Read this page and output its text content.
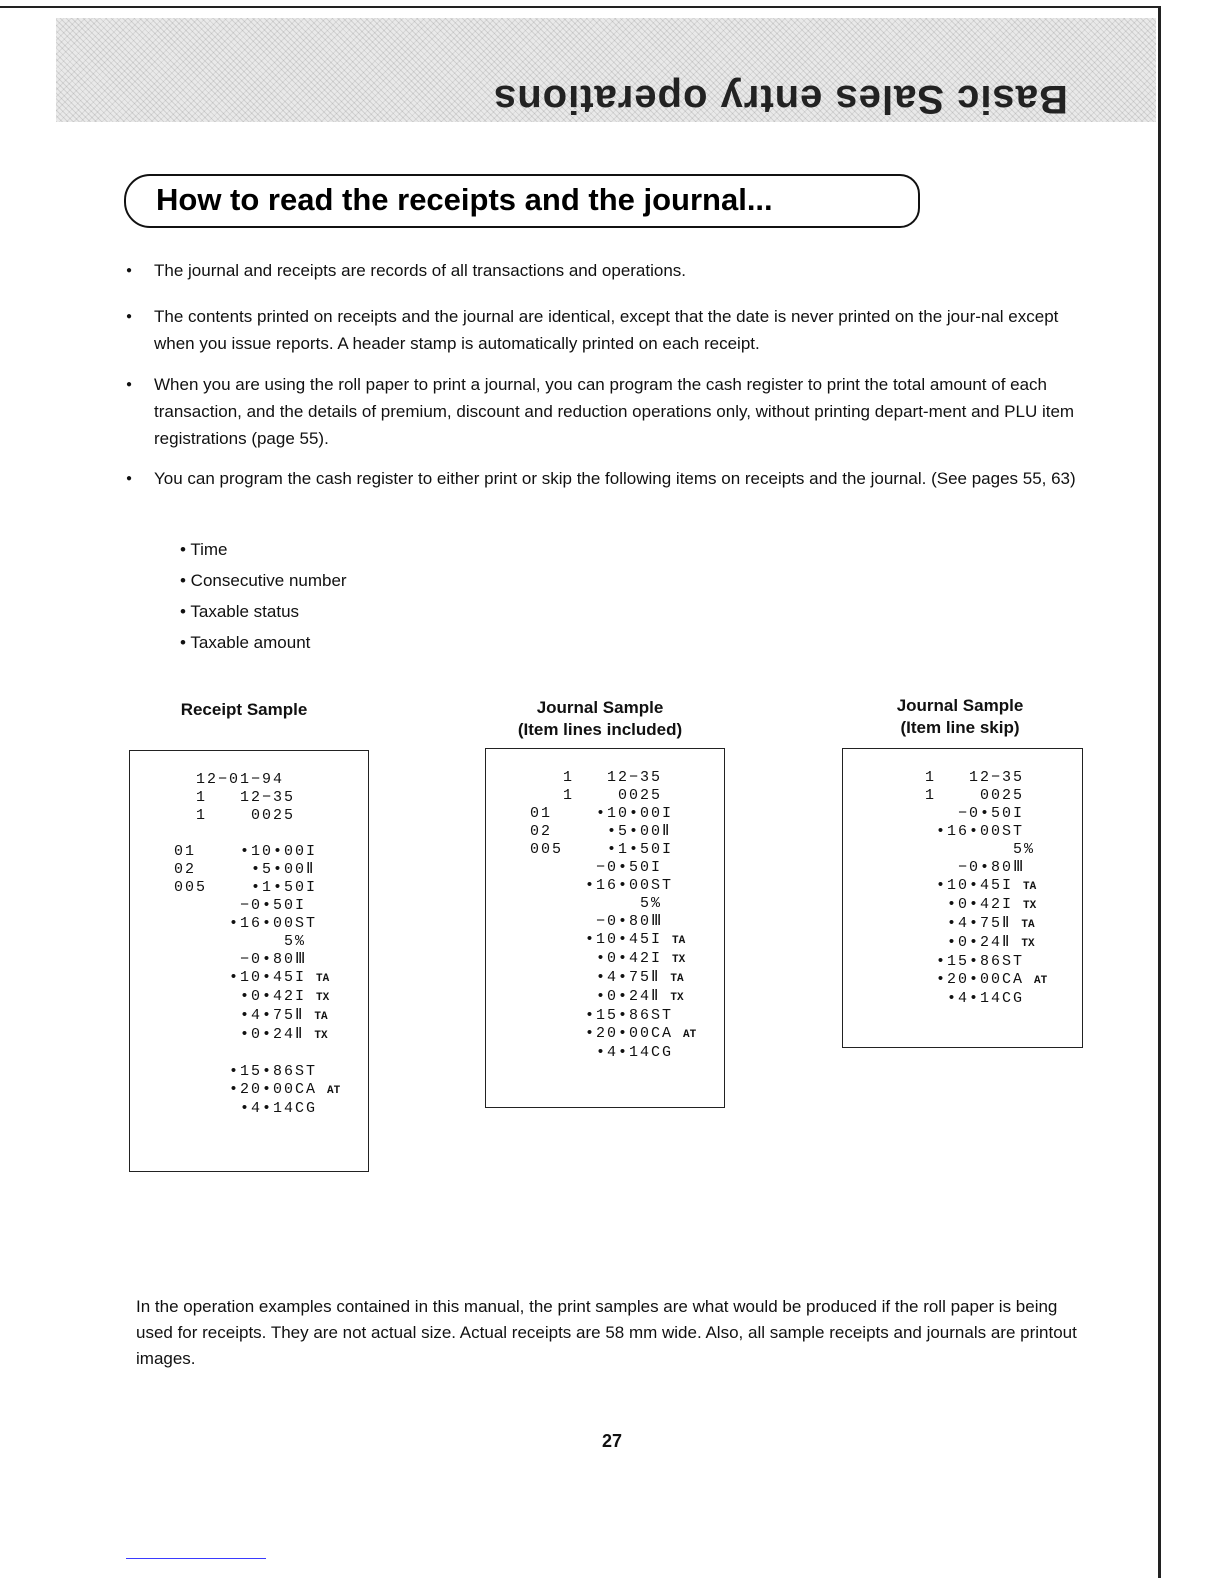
Basic Sales entry operations
How to read the receipts and the journal...
● The journal and receipts are records of all transactions and operations.
● The contents printed on receipts and the journal are identical, except that the date is never printed on the jour-nal except when you issue reports. A header stamp is automatically printed on each receipt.
● When you are using the roll paper to print a journal, you can program the cash register to print the total amount of each transaction, and the details of premium, discount and reduction operations only, without printing depart-ment and PLU item registrations (page 55).
● You can program the cash register to either print or skip the following items on receipts and the journal. (See pages 55, 63)
• Time
• Consecutive number
• Taxable status
• Taxable amount
Receipt Sample
12−01−94
1   12−35
1    0025

01    •10•00I
02     •5•00Ⅱ
005    •1•50I
−0•50I
•16•00ST
5%
−0•80Ⅲ
•10•45I TA
•0•42I TX
•4•75Ⅱ TA
•0•24Ⅱ TX

•15•86ST
•20•00CA AT
•4•14CG
Journal Sample
(Item lines included)
1   12−35
1    0025
01    •10•00I
02     •5•00Ⅱ
005    •1•50I
−0•50I
•16•00ST
5%
−0•80Ⅲ
•10•45I TA
•0•42I TX
•4•75Ⅱ TA
•0•24Ⅱ TX
•15•86ST
•20•00CA AT
•4•14CG
Journal Sample
(Item line skip)
1   12−35
1    0025
−0•50I
•16•00ST
5%
−0•80Ⅲ
•10•45I TA
•0•42I TX
•4•75Ⅱ TA
•0•24Ⅱ TX
•15•86ST
•20•00CA AT
•4•14CG
In the operation examples contained in this manual, the print samples are what would be produced if the roll paper is being used for receipts. They are not actual size. Actual receipts are 58 mm wide. Also, all sample receipts and journals are printout images.
27
